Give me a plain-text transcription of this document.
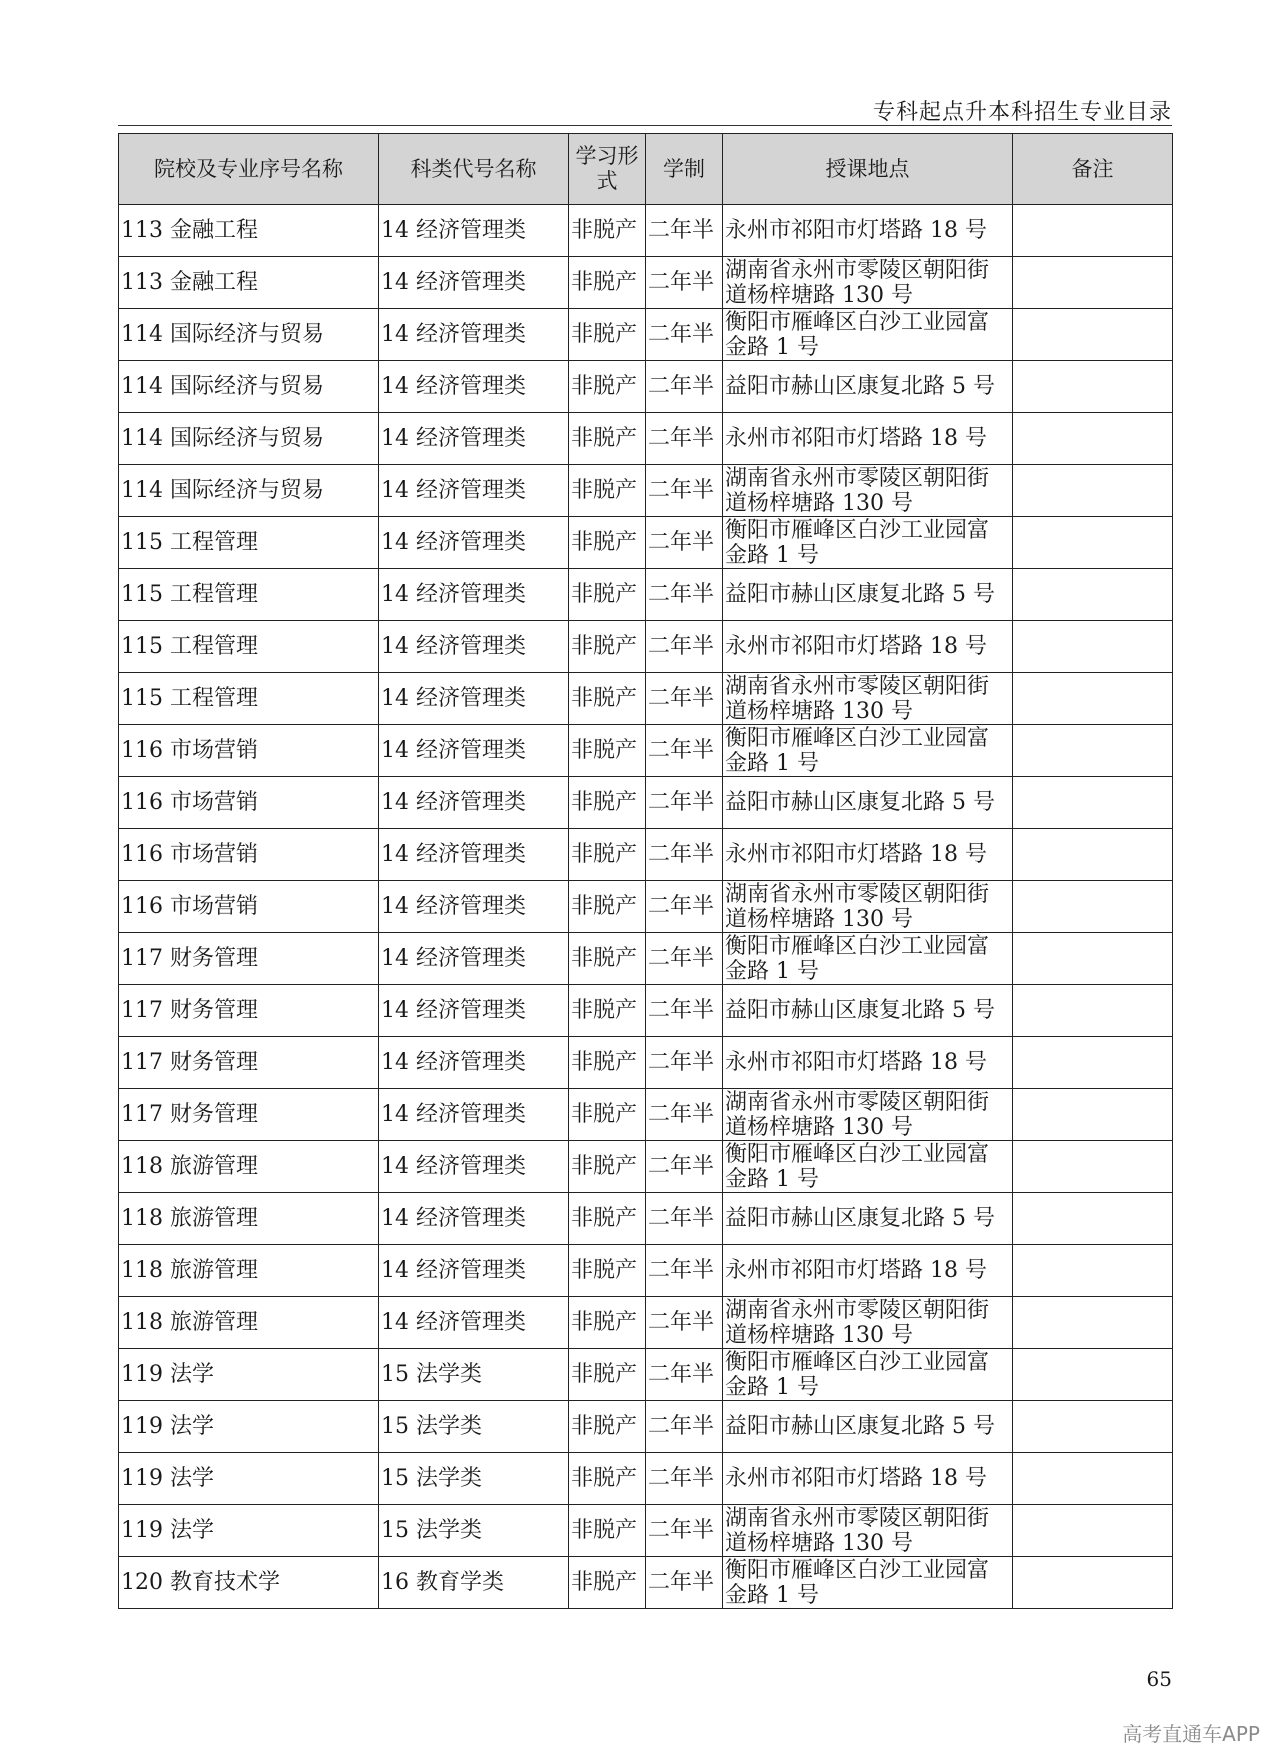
专科起点升本科招生专业目录
院校及专业序号名称	科类代号名称	学习形式	学制	授课地点	备注
113 金融工程	14 经济管理类	非脱产	二年半	永州市祁阳市灯塔路 18 号	
113 金融工程	14 经济管理类	非脱产	二年半	湖南省永州市零陵区朝阳街道杨梓塘路 130 号	
114 国际经济与贸易	14 经济管理类	非脱产	二年半	衡阳市雁峰区白沙工业园富金路 1 号	
114 国际经济与贸易	14 经济管理类	非脱产	二年半	益阳市赫山区康复北路 5 号	
114 国际经济与贸易	14 经济管理类	非脱产	二年半	永州市祁阳市灯塔路 18 号	
114 国际经济与贸易	14 经济管理类	非脱产	二年半	湖南省永州市零陵区朝阳街道杨梓塘路 130 号	
115 工程管理	14 经济管理类	非脱产	二年半	衡阳市雁峰区白沙工业园富金路 1 号	
115 工程管理	14 经济管理类	非脱产	二年半	益阳市赫山区康复北路 5 号	
115 工程管理	14 经济管理类	非脱产	二年半	永州市祁阳市灯塔路 18 号	
115 工程管理	14 经济管理类	非脱产	二年半	湖南省永州市零陵区朝阳街道杨梓塘路 130 号	
116 市场营销	14 经济管理类	非脱产	二年半	衡阳市雁峰区白沙工业园富金路 1 号	
116 市场营销	14 经济管理类	非脱产	二年半	益阳市赫山区康复北路 5 号	
116 市场营销	14 经济管理类	非脱产	二年半	永州市祁阳市灯塔路 18 号	
116 市场营销	14 经济管理类	非脱产	二年半	湖南省永州市零陵区朝阳街道杨梓塘路 130 号	
117 财务管理	14 经济管理类	非脱产	二年半	衡阳市雁峰区白沙工业园富金路 1 号	
117 财务管理	14 经济管理类	非脱产	二年半	益阳市赫山区康复北路 5 号	
117 财务管理	14 经济管理类	非脱产	二年半	永州市祁阳市灯塔路 18 号	
117 财务管理	14 经济管理类	非脱产	二年半	湖南省永州市零陵区朝阳街道杨梓塘路 130 号	
118 旅游管理	14 经济管理类	非脱产	二年半	衡阳市雁峰区白沙工业园富金路 1 号	
118 旅游管理	14 经济管理类	非脱产	二年半	益阳市赫山区康复北路 5 号	
118 旅游管理	14 经济管理类	非脱产	二年半	永州市祁阳市灯塔路 18 号	
118 旅游管理	14 经济管理类	非脱产	二年半	湖南省永州市零陵区朝阳街道杨梓塘路 130 号	
119 法学	15 法学类	非脱产	二年半	衡阳市雁峰区白沙工业园富金路 1 号	
119 法学	15 法学类	非脱产	二年半	益阳市赫山区康复北路 5 号	
119 法学	15 法学类	非脱产	二年半	永州市祁阳市灯塔路 18 号	
119 法学	15 法学类	非脱产	二年半	湖南省永州市零陵区朝阳街道杨梓塘路 130 号	
120 教育技术学	16 教育学类	非脱产	二年半	衡阳市雁峰区白沙工业园富金路 1 号	
65
高考直通车APP
